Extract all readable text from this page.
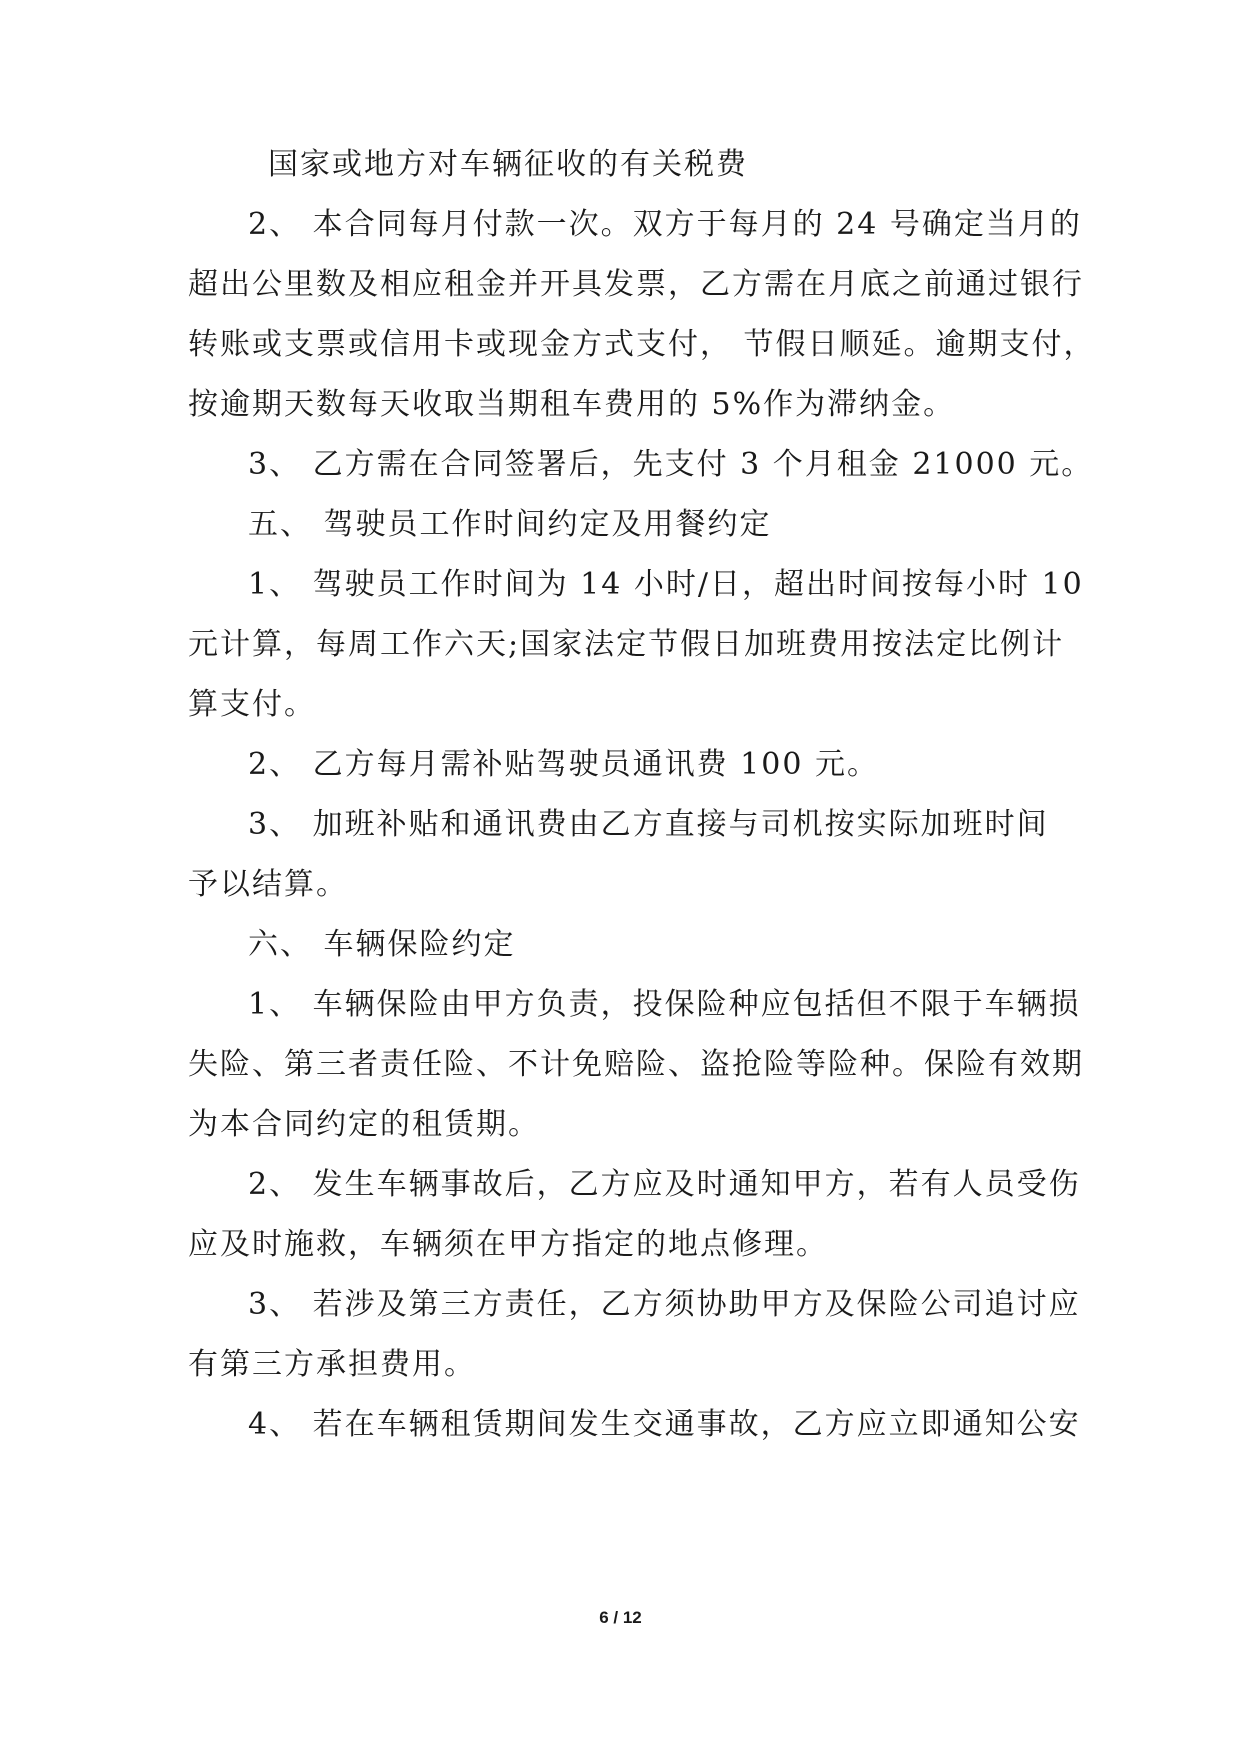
国家或地方对车辆征收的有关税费
2、 本合同每月付款一次。双方于每月的 24 号确定当月的
超出公里数及相应租金并开具发票，乙方需在月底之前通过银行
转账或支票或信用卡或现金方式支付， 节假日顺延。逾期支付，
按逾期天数每天收取当期租车费用的 5%作为滞纳金。
3、 乙方需在合同签署后，先支付 3 个月租金 21000 元。
五、 驾驶员工作时间约定及用餐约定
1、 驾驶员工作时间为 14 小时/日，超出时间按每小时 10
元计算，每周工作六天;国家法定节假日加班费用按法定比例计
算支付。
2、 乙方每月需补贴驾驶员通讯费 100 元。
3、 加班补贴和通讯费由乙方直接与司机按实际加班时间
予以结算。
六、 车辆保险约定
1、 车辆保险由甲方负责，投保险种应包括但不限于车辆损
失险、第三者责任险、不计免赔险、盗抢险等险种。保险有效期
为本合同约定的租赁期。
2、 发生车辆事故后，乙方应及时通知甲方，若有人员受伤
应及时施救，车辆须在甲方指定的地点修理。
3、 若涉及第三方责任，乙方须协助甲方及保险公司追讨应
有第三方承担费用。
4、 若在车辆租赁期间发生交通事故，乙方应立即通知公安
6 / 12
